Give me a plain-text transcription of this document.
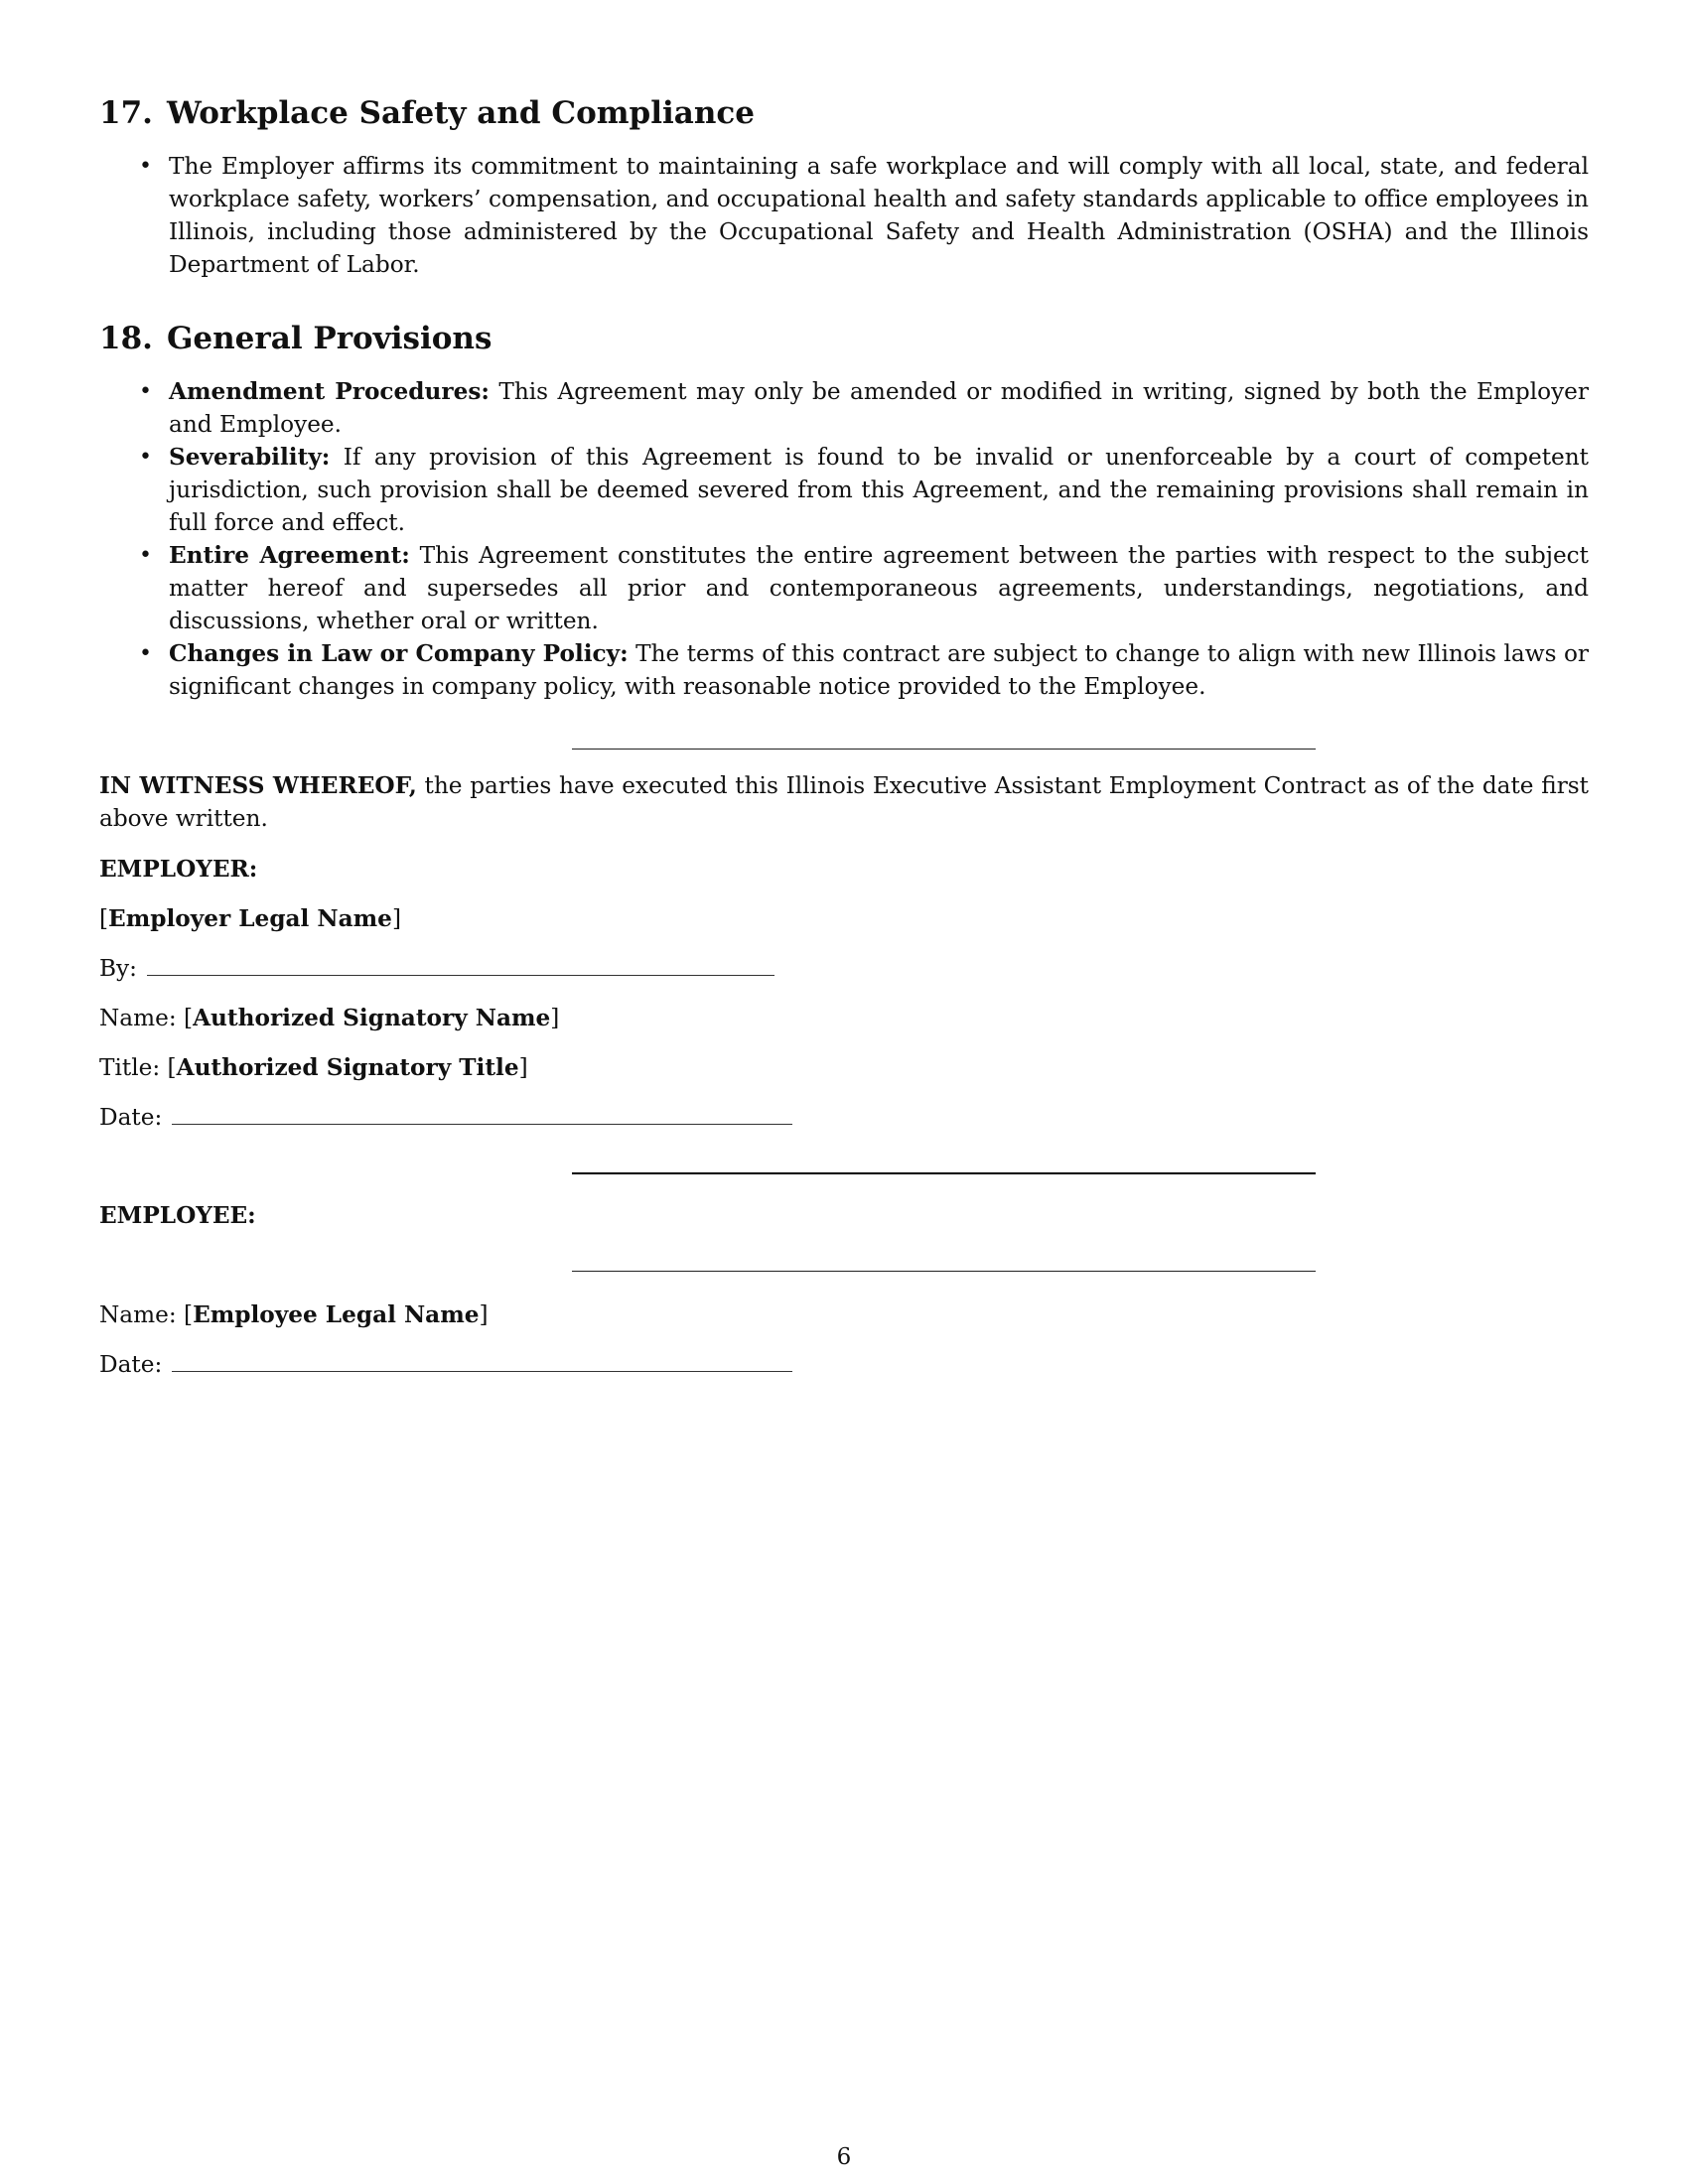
17. Workplace Safety and Compliance
• The Employer affirms its commitment to maintaining a safe workplace and will comply with all local, state, and federal workplace safety, workers’ compensation, and occupational health and safety standards applicable to office employees in Illinois, including those administered by the Occupational Safety and Health Administration (OSHA) and the Illinois Department of Labor.
18. General Provisions
• Amendment Procedures: This Agreement may only be amended or modified in writing, signed by both the Employer and Employee.
• Severability: If any provision of this Agreement is found to be invalid or unenforceable by a court of competent jurisdiction, such provision shall be deemed severed from this Agreement, and the remaining provisions shall remain in full force and effect.
• Entire Agreement: This Agreement constitutes the entire agreement between the parties with respect to the subject matter hereof and supersedes all prior and contemporaneous agreements, understandings, negotiations, and discussions, whether oral or written.
• Changes in Law or Company Policy: The terms of this contract are subject to change to align with new Illinois laws or significant changes in company policy, with reasonable notice provided to the Employee.
IN WITNESS WHEREOF, the parties have executed this Illinois Executive Assistant Employment Contract as of the date first above written.
EMPLOYER:
[Employer Legal Name]
By:
Name: [Authorized Signatory Name]
Title: [Authorized Signatory Title]
Date:
EMPLOYEE:
Name: [Employee Legal Name]
Date:
6
